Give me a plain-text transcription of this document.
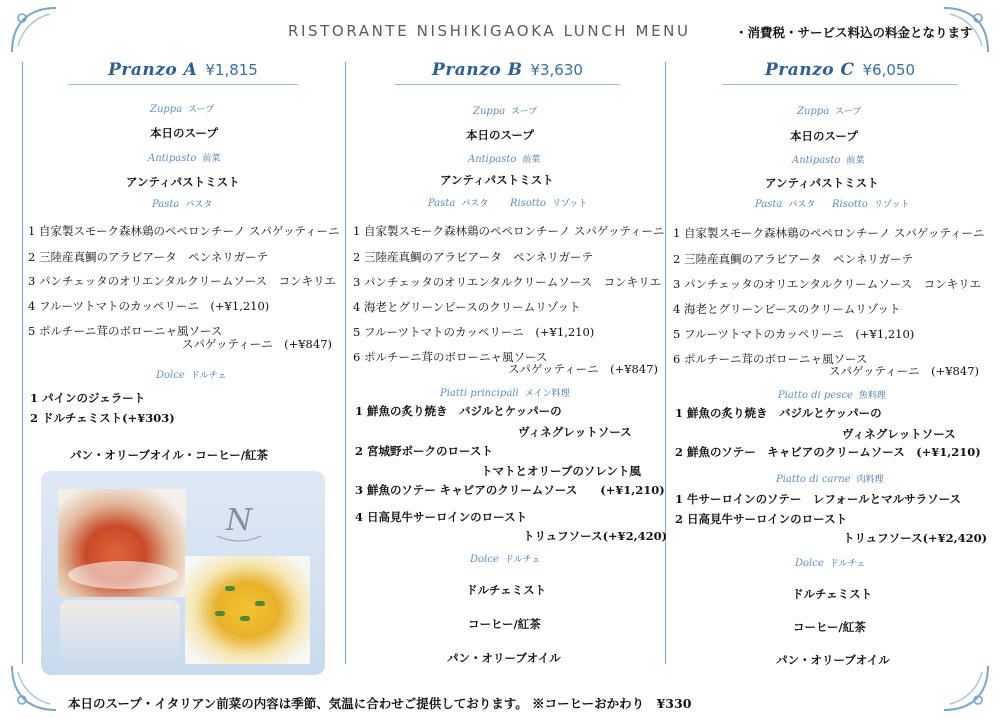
RISTORANTE NISHIKIGAOKA LUNCH MENU	・消費税・サービス料込の料金となります
Pranzo A ¥1,815
Zuppa スープ
本日のスープ
Antipasto 前菜
アンティパストミスト
Pasta パスタ
1 自家製スモーク森林鶏のペペロンチーノ スパゲッティーニ
2 三陸産真鯛のアラビアータ　ペンネリガーテ
3 パンチェッタのオリエンタルクリームソース　コンキリエ
4 フルーツトマトのカッペリーニ　(+¥1,210)
5 ポルチーニ茸のボローニャ風ソース
スパゲッティーニ　(+¥847)
Dolce ドルチェ
1 パインのジェラート
2 ドルチェミスト(+¥303)
パン・オリーブオイル・コーヒー/紅茶
N
Pranzo B ¥3,630
Zuppa スープ
本日のスープ
Antipasto 前菜
アンティパストミスト
Pasta パスタ Risotto リゾット
1 自家製スモーク森林鶏のペペロンチーノ スパゲッティーニ
2 三陸産真鯛のアラビアータ　ペンネリガーテ
3 パンチェッタのオリエンタルクリームソース　コンキリエ
4 海老とグリーンピースのクリームリゾット
5 フルーツトマトのカッペリーニ　(+¥1,210)
6 ポルチーニ茸のボローニャ風ソース
スパゲッティーニ　(+¥847)
Piatti principali メイン料理
1 鮮魚の炙り焼き　バジルとケッパーの
ヴィネグレットソース
2 宮城野ポークのロースト
トマトとオリーブのソレント風
3 鮮魚のソテー キャビアのクリームソース　　(+¥1,210)
4 日高見牛サーロインのロースト
トリュフソース(+¥2,420)
Dolce ドルチェ
ドルチェミスト
コーヒー/紅茶
パン・オリーブオイル
Pranzo C ¥6,050
Zuppa スープ
本日のスープ
Antipasto 前菜
アンティパストミスト
Pasta パスタ Risotto リゾット
1 自家製スモーク森林鶏のペペロンチーノ スパゲッティーニ
2 三陸産真鯛のアラビアータ　ペンネリガーテ
3 パンチェッタのオリエンタルクリームソース　コンキリエ
4 海老とグリーンピースのクリームリゾット
5 フルーツトマトのカッペリーニ　(+¥1,210)
6 ポルチーニ茸のボローニャ風ソース
スパゲッティーニ　(+¥847)
Piatto di pesce 魚料理
1 鮮魚の炙り焼き　バジルとケッパーの
ヴィネグレットソース
2 鮮魚のソテー　キャビアのクリームソース　(+¥1,210)
Piatto di carne 肉料理
1 牛サーロインのソテー　レフォールとマルサラソース
2 日高見牛サーロインのロースト
トリュフソース(+¥2,420)
Dolce ドルチェ
ドルチェミスト
コーヒー/紅茶
パン・オリーブオイル
本日のスープ・イタリアン前菜の内容は季節、気温に合わせご提供しております。 ※コーヒーおかわり　¥330
